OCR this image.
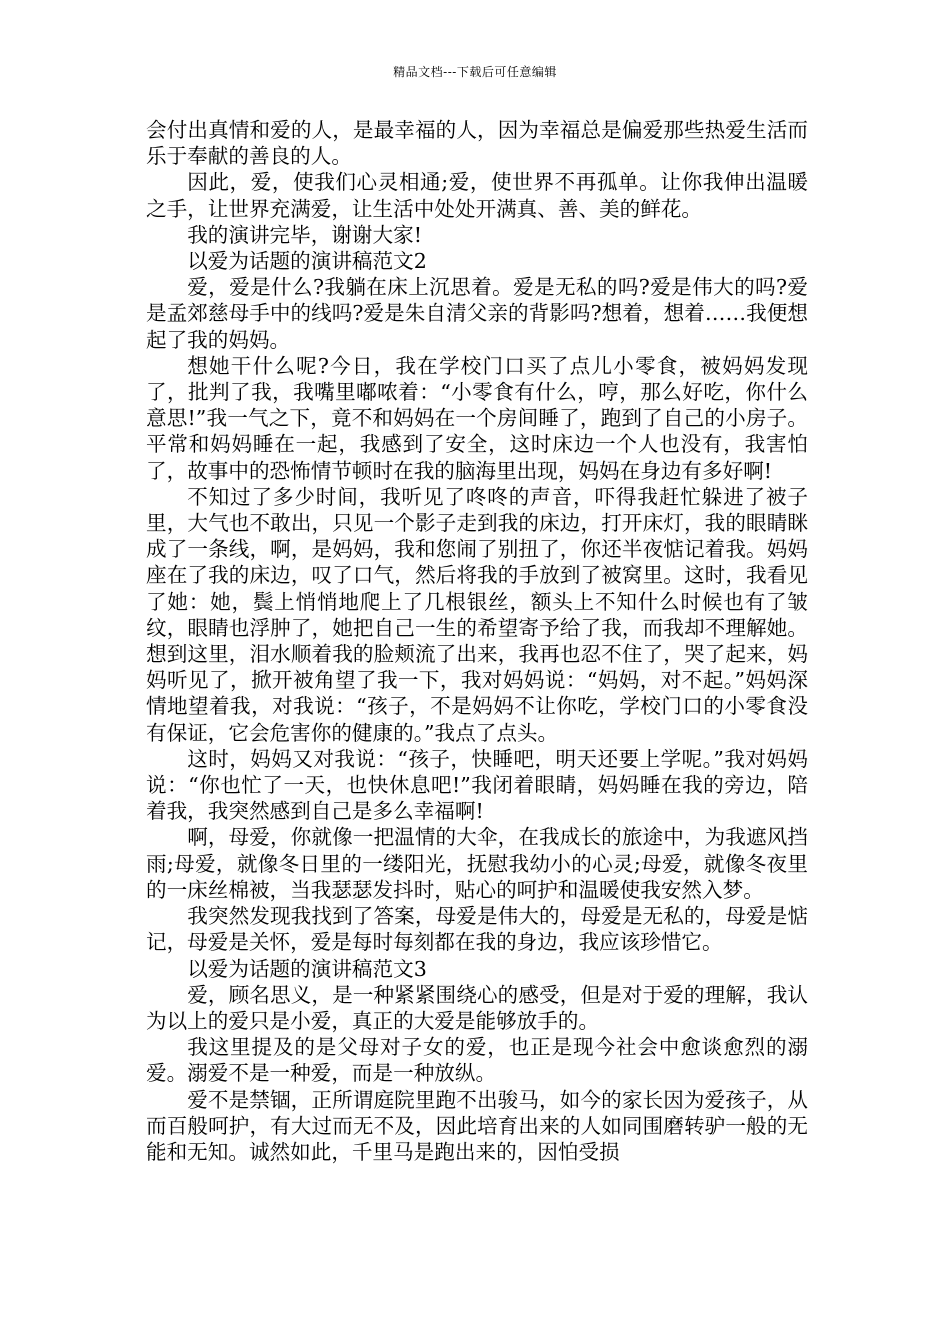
精品文档---下载后可任意编辑

会付出真情和爱的人，是最幸福的人，因为幸福总是偏爱那些热爱生活而乐于奉献的善良的人。

因此，爱，使我们心灵相通;爱，使世界不再孤单。让你我伸出温暖之手，让世界充满爱，让生活中处处开满真、善、美的鲜花。

我的演讲完毕，谢谢大家!

以爱为话题的演讲稿范文2

爱，爱是什么?我躺在床上沉思着。爱是无私的吗?爱是伟大的吗?爱是孟郊慈母手中的线吗?爱是朱自清父亲的背影吗?想着，想着……我便想起了我的妈妈。

想她干什么呢?今日，我在学校门口买了点儿小零食，被妈妈发现了，批判了我，我嘴里嘟哝着：“小零食有什么，哼，那么好吃，你什么意思!”我一气之下，竟不和妈妈在一个房间睡了，跑到了自己的小房子。平常和妈妈睡在一起，我感到了安全，这时床边一个人也没有，我害怕了，故事中的恐怖情节顿时在我的脑海里出现，妈妈在身边有多好啊!

不知过了多少时间，我听见了咚咚的声音，吓得我赶忙躲进了被子里，大气也不敢出，只见一个影子走到我的床边，打开床灯，我的眼睛眯成了一条线，啊，是妈妈，我和您闹了别扭了，你还半夜惦记着我。妈妈座在了我的床边，叹了口气，然后将我的手放到了被窝里。这时，我看见了她：她，鬓上悄悄地爬上了几根银丝，额头上不知什么时候也有了皱纹，眼睛也浮肿了，她把自己一生的希望寄予给了我，而我却不理解她。想到这里，泪水顺着我的脸颊流了出来，我再也忍不住了，哭了起来，妈妈听见了，掀开被角望了我一下，我对妈妈说：“妈妈，对不起。”妈妈深情地望着我，对我说：“孩子，不是妈妈不让你吃，学校门口的小零食没有保证，它会危害你的健康的。”我点了点头。

这时，妈妈又对我说：“孩子，快睡吧，明天还要上学呢。”我对妈妈说：“你也忙了一天，也快休息吧!”我闭着眼睛，妈妈睡在我的旁边，陪着我，我突然感到自己是多么幸福啊!

啊，母爱，你就像一把温情的大伞，在我成长的旅途中，为我遮风挡雨;母爱，就像冬日里的一缕阳光，抚慰我幼小的心灵;母爱，就像冬夜里的一床丝棉被，当我瑟瑟发抖时，贴心的呵护和温暖使我安然入梦。

我突然发现我找到了答案，母爱是伟大的，母爱是无私的，母爱是惦记，母爱是关怀，爱是每时每刻都在我的身边，我应该珍惜它。

以爱为话题的演讲稿范文3

爱，顾名思义，是一种紧紧围绕心的感受，但是对于爱的理解，我认为以上的爱只是小爱，真正的大爱是能够放手的。

我这里提及的是父母对子女的爱，也正是现今社会中愈谈愈烈的溺爱。溺爱不是一种爱，而是一种放纵。

爱不是禁锢，正所谓庭院里跑不出骏马，如今的家长因为爱孩子，从而百般呵护，有大过而无不及，因此培育出来的人如同围磨转驴一般的无能和无知。诚然如此，千里马是跑出来的，因怕受损
